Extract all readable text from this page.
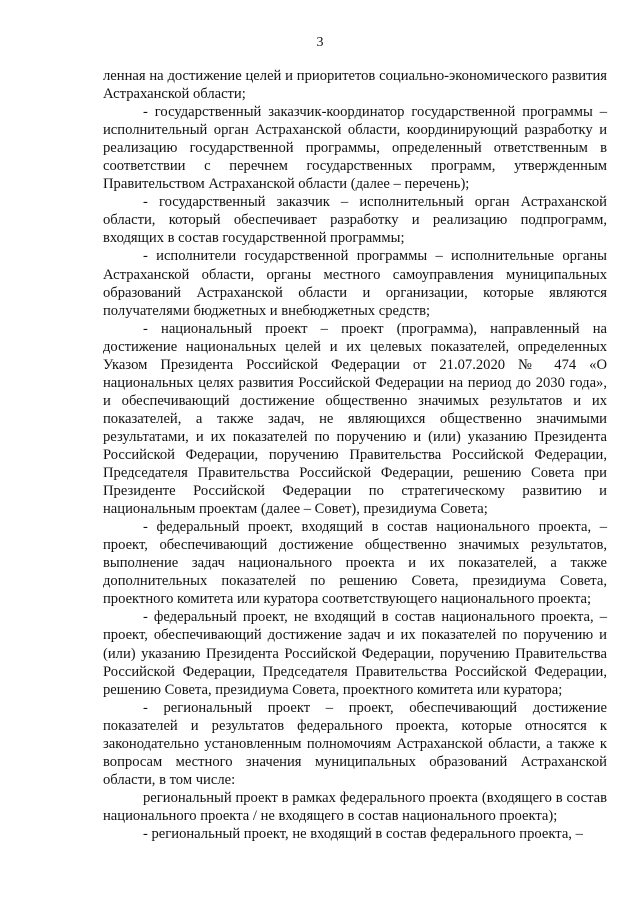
3

ленная на достижение целей и приоритетов социально-экономического развития Астраханской области;

- государственный заказчик-координатор государственной программы – исполнительный орган Астраханской области, координирующий разработку и реализацию государственной программы, определенный ответственным в соответствии с перечнем государственных программ, утвержденным Правительством Астраханской области (далее – перечень);

- государственный заказчик – исполнительный орган Астраханской области, который обеспечивает разработку и реализацию подпрограмм, входящих в состав государственной программы;

- исполнители государственной программы – исполнительные органы Астраханской области, органы местного самоуправления муниципальных образований Астраханской области и организации, которые являются получателями бюджетных и внебюджетных средств;

- национальный проект – проект (программа), направленный на достижение национальных целей и их целевых показателей, определенных Указом Президента Российской Федерации от 21.07.2020 № 474 «О национальных целях развития Российской Федерации на период до 2030 года», и обеспечивающий достижение общественно значимых результатов и их показателей, а также задач, не являющихся общественно значимыми результатами, и их показателей по поручению и (или) указанию Президента Российской Федерации, поручению Правительства Российской Федерации, Председателя Правительства Российской Федерации, решению Совета при Президенте Российской Федерации по стратегическому развитию и национальным проектам (далее – Совет), президиума Совета;

- федеральный проект, входящий в состав национального проекта, – проект, обеспечивающий достижение общественно значимых результатов, выполнение задач национального проекта и их показателей, а также дополнительных показателей по решению Совета, президиума Совета, проектного комитета или куратора соответствующего национального проекта;

- федеральный проект, не входящий в состав национального проекта, – проект, обеспечивающий достижение задач и их показателей по поручению и (или) указанию Президента Российской Федерации, поручению Правительства Российской Федерации, Председателя Правительства Российской Федерации, решению Совета, президиума Совета, проектного комитета или куратора;

- региональный проект – проект, обеспечивающий достижение показателей и результатов федерального проекта, которые относятся к законодательно установленным полномочиям Астраханской области, а также к вопросам местного значения муниципальных образований Астраханской области, в том числе:

региональный проект в рамках федерального проекта (входящего в состав национального проекта / не входящего в состав национального проекта);

- региональный проект, не входящий в состав федерального проекта, –
